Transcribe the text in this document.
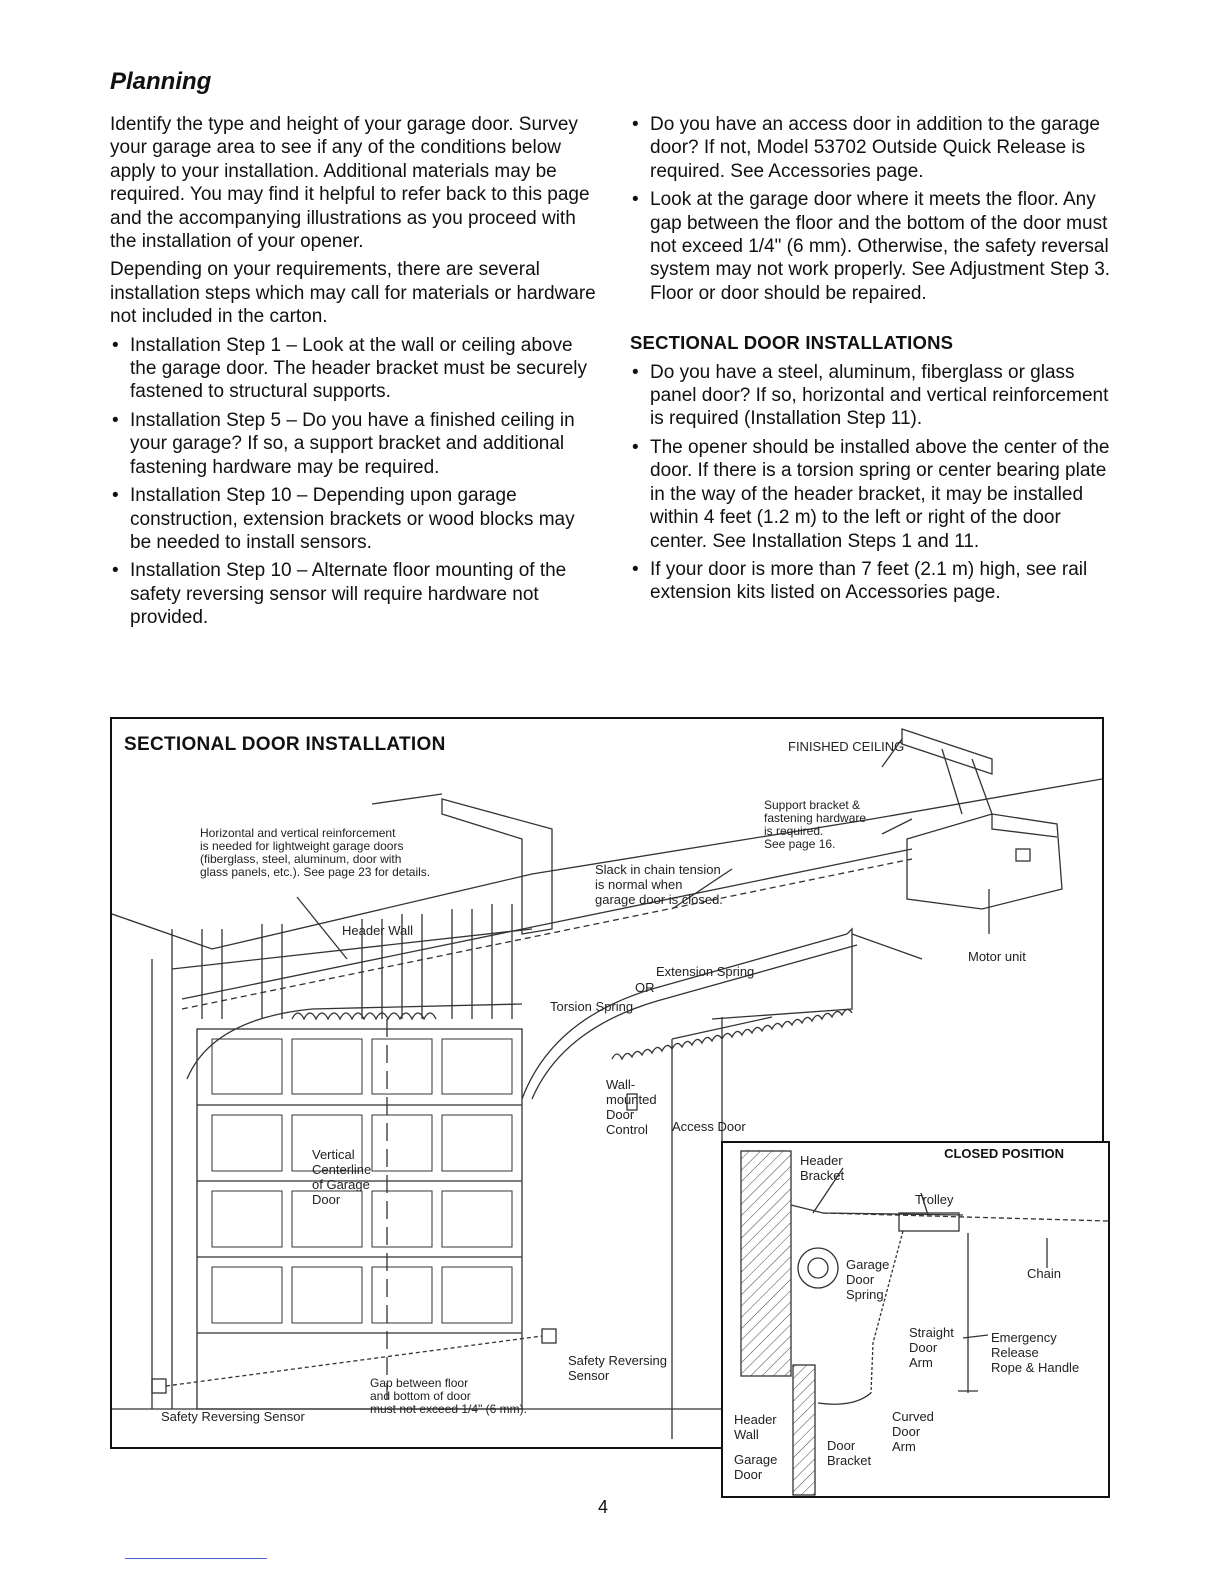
Planning

Identify the type and height of your garage door. Survey your garage area to see if any of the conditions below apply to your installation. Additional materials may be required. You may find it helpful to refer back to this page and the accompanying illustrations as you proceed with the installation of your opener.

Depending on your requirements, there are several installation steps which may call for materials or hardware not included in the carton.

• Installation Step 1 – Look at the wall or ceiling above the garage door. The header bracket must be securely fastened to structural supports.
• Installation Step 5 – Do you have a finished ceiling in your garage? If so, a support bracket and additional fastening hardware may be required.
• Installation Step 10 – Depending upon garage construction, extension brackets or wood blocks may be needed to install sensors.
• Installation Step 10 – Alternate floor mounting of the safety reversing sensor will require hardware not provided.
• Do you have an access door in addition to the garage door? If not, Model 53702 Outside Quick Release is required. See Accessories page.
• Look at the garage door where it meets the floor. Any gap between the floor and the bottom of the door must not exceed 1/4" (6 mm). Otherwise, the safety reversal system may not work properly. See Adjustment Step 3. Floor or door should be repaired.
SECTIONAL DOOR INSTALLATIONS
• Do you have a steel, aluminum, fiberglass or glass panel door? If so, horizontal and vertical reinforcement is required (Installation Step 11).
• The opener should be installed above the center of the door. If there is a torsion spring or center bearing plate in the way of the header bracket, it may be installed within 4 feet (1.2 m) to the left or right of the door center. See Installation Steps 1 and 11.
• If your door is more than 7 feet (2.1 m) high, see rail extension kits listed on Accessories page.
SECTIONAL DOOR INSTALLATION	FINISHED CEILING
Support bracket &
fastening hardware
is required.
See page 16.
Horizontal and vertical reinforcement
is needed for lightweight garage doors
(fiberglass, steel, aluminum, door with
glass panels, etc.). See page 23 for details.	Slack in chain tension
is normal when
garage door is closed.
Header Wall
Motor unit
Extension Spring
OR
Torsion Spring
Wall-
mounted
Door
Control	Access Door
Vertical
Centerline
of Garage
Door
Safety Reversing
Sensor
Gap between floor
and bottom of door
must not exceed 1/4" (6 mm).
Safety Reversing Sensor
CLOSED POSITION
Header
Bracket
Trolley
Chain
Garage
Door
Spring
Straight
Door
Arm
Emergency
Release
Rope & Handle
Header
Wall
Garage
Door
Door
Bracket
Curved
Door
Arm
4
